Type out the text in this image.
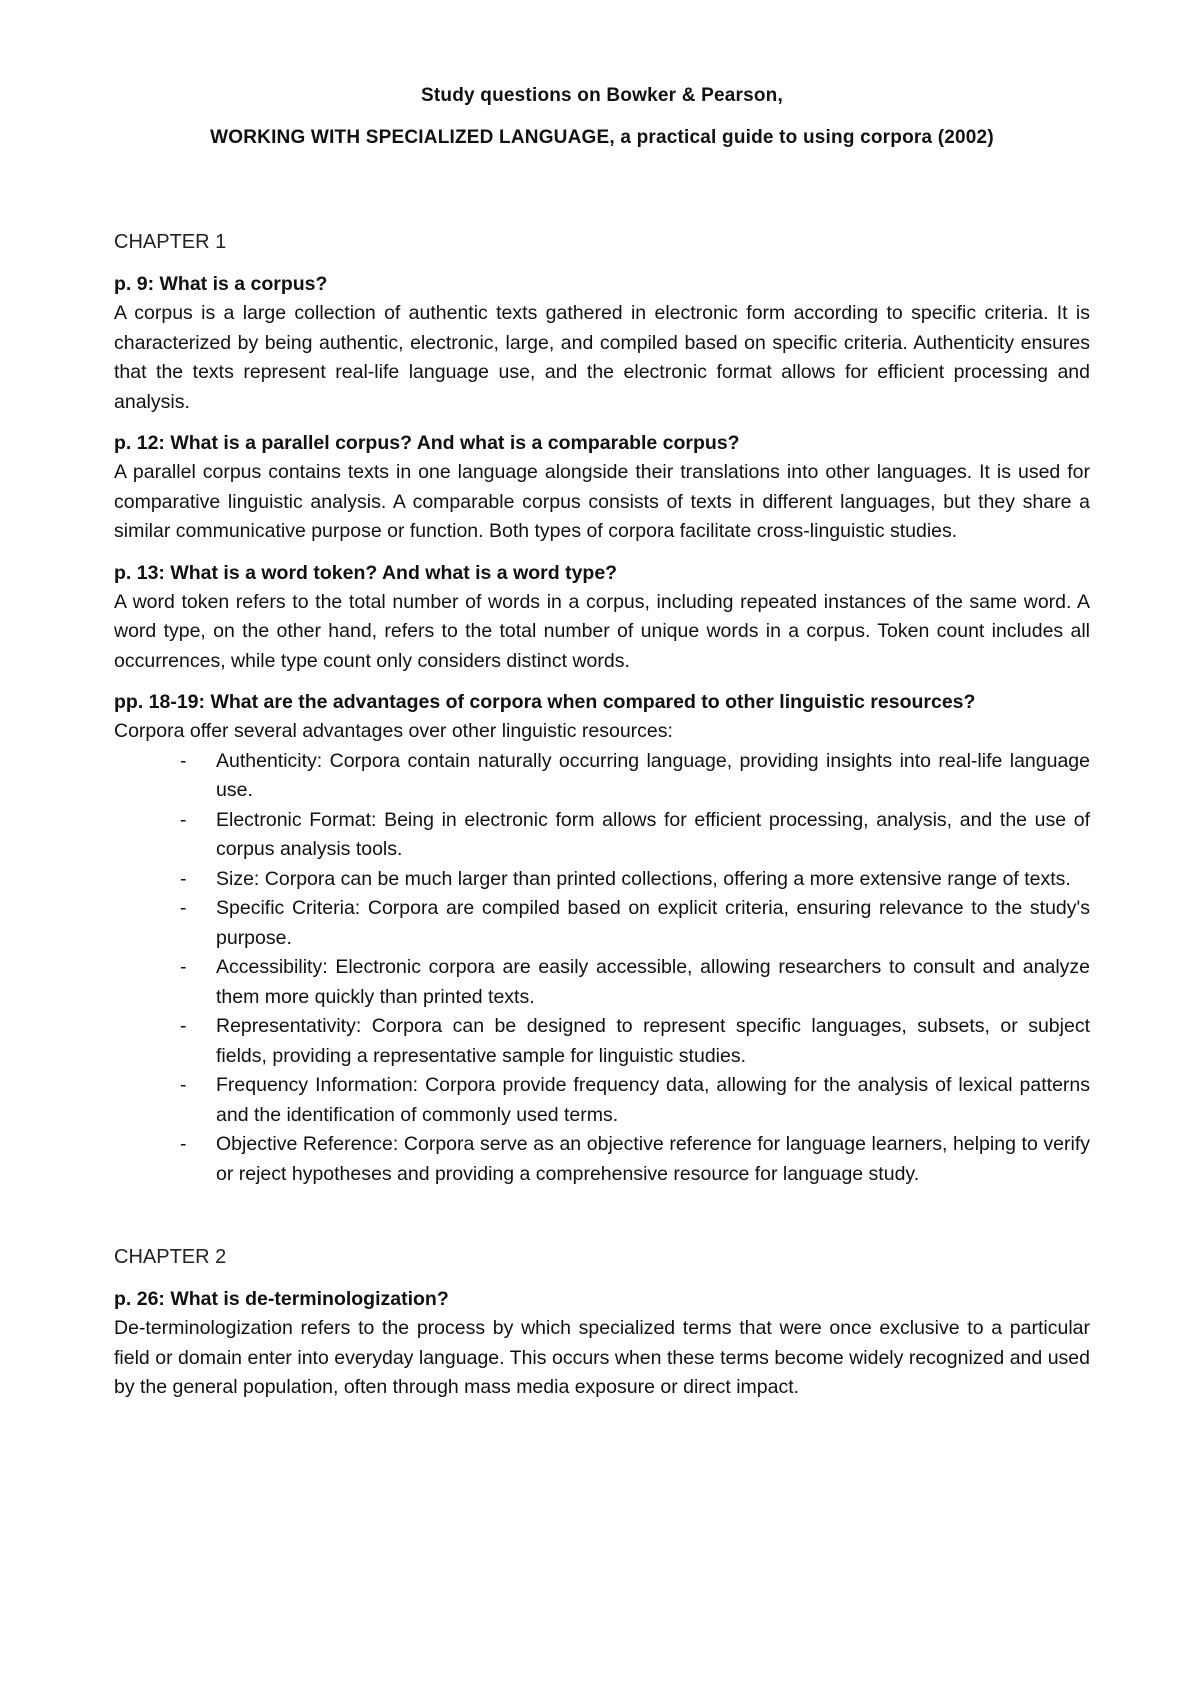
Study questions on Bowker & Pearson,

WORKING WITH SPECIALIZED LANGUAGE, a practical guide to using corpora (2002)

CHAPTER 1

p. 9: What is a corpus?

A corpus is a large collection of authentic texts gathered in electronic form according to specific criteria. It is characterized by being authentic, electronic, large, and compiled based on specific criteria. Authenticity ensures that the texts represent real-life language use, and the electronic format allows for efficient processing and analysis.

p. 12: What is a parallel corpus? And what is a comparable corpus?

A parallel corpus contains texts in one language alongside their translations into other languages. It is used for comparative linguistic analysis. A comparable corpus consists of texts in different languages, but they share a similar communicative purpose or function. Both types of corpora facilitate cross-linguistic studies.

p. 13: What is a word token? And what is a word type?

A word token refers to the total number of words in a corpus, including repeated instances of the same word. A word type, on the other hand, refers to the total number of unique words in a corpus. Token count includes all occurrences, while type count only considers distinct words.

pp. 18-19: What are the advantages of corpora when compared to other linguistic resources?

Corpora offer several advantages over other linguistic resources:

- Authenticity: Corpora contain naturally occurring language, providing insights into real-life language use.
- Electronic Format: Being in electronic form allows for efficient processing, analysis, and the use of corpus analysis tools.
- Size: Corpora can be much larger than printed collections, offering a more extensive range of texts.
- Specific Criteria: Corpora are compiled based on explicit criteria, ensuring relevance to the study's purpose.
- Accessibility: Electronic corpora are easily accessible, allowing researchers to consult and analyze them more quickly than printed texts.
- Representativity: Corpora can be designed to represent specific languages, subsets, or subject fields, providing a representative sample for linguistic studies.
- Frequency Information: Corpora provide frequency data, allowing for the analysis of lexical patterns and the identification of commonly used terms.
- Objective Reference: Corpora serve as an objective reference for language learners, helping to verify or reject hypotheses and providing a comprehensive resource for language study.

CHAPTER 2

p. 26: What is de-terminologization?

De-terminologization refers to the process by which specialized terms that were once exclusive to a particular field or domain enter into everyday language. This occurs when these terms become widely recognized and used by the general population, often through mass media exposure or direct impact.
